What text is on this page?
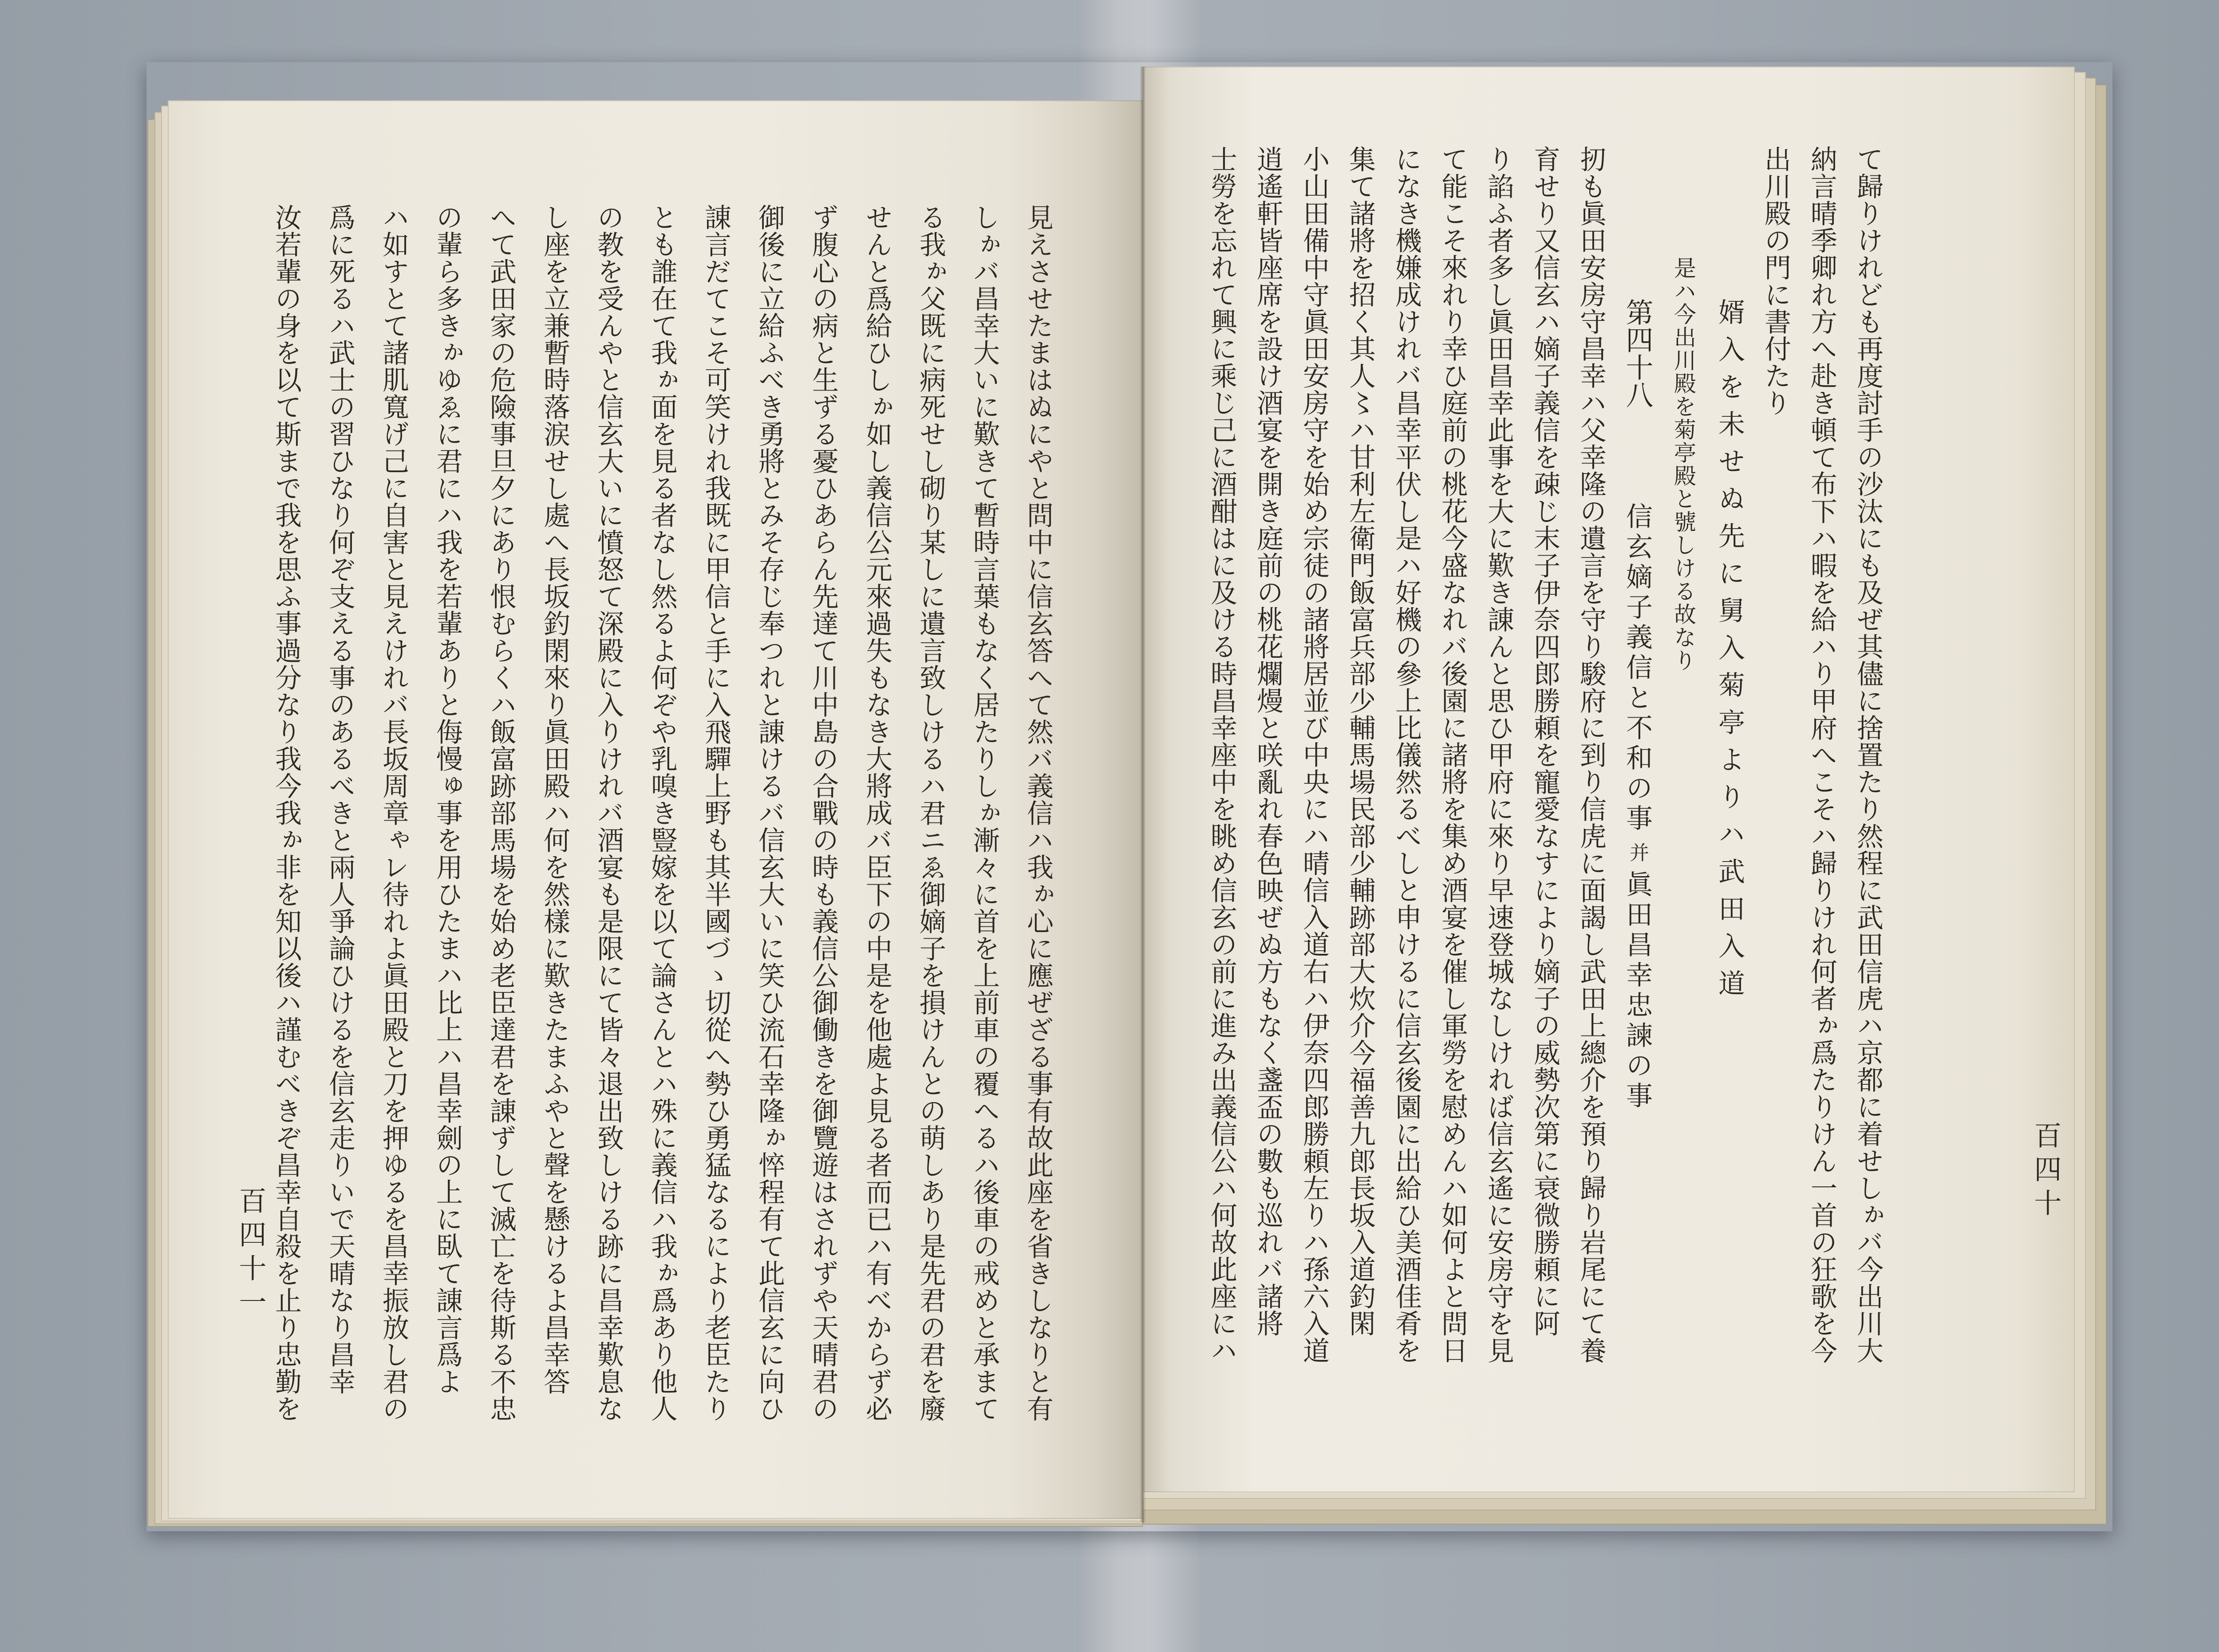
て歸りけれども再度討手の沙汰にも及ぜ其儘に捨置たり然程に武田信虎ハ京都に着せしゕバ今出川大
納言晴季卿れ方へ赴き頓て布下ハ暇を給ハり甲府へこそハ歸りけれ何者ゕ爲たりけん一首の狂歌を今
出川殿の門に書付たり
婿入を未せぬ先に舅入菊亭よりハ武田入道
是ハ今出川殿を菊亭殿と號しける故なり
第四十八信玄嫡子義信と不和の事并眞田昌幸忠諫の事
扨も眞田安房守昌幸ハ父幸隆の遺言を守り駿府に到り信虎に面謁し武田上總介を預り歸り岩尾にて養
育せり又信玄ハ嫡子義信を疎じ末子伊奈四郎勝頼を寵愛なすにより嫡子の威勢次第に衰微勝頼に阿
り諂ふ者多し眞田昌幸此事を大に歎き諌んと思ひ甲府に來り早速登城なしければ信玄遙に安房守を見
て能こそ來れり幸ひ庭前の桃花今盛なれバ後園に諸將を集め酒宴を催し軍勞を慰めんハ如何よと問日
になき機嫌成けれバ昌幸平伏し是ハ好機の參上比儀然るべしと申けるに信玄後園に出給ひ美酒佳肴を
集て諸將を招く其人〻ハ甘利左衛門飯富兵部少輔馬場民部少輔跡部大炊介今福善九郎長坂入道釣閑
小山田備中守眞田安房守を始め宗徒の諸將居並び中央にハ晴信入道右ハ伊奈四郎勝頼左りハ孫六入道
逍遙軒皆座席を設け酒宴を開き庭前の桃花爛熳と咲亂れ春色映ぜぬ方もなく盞盃の數も巡れバ諸將
士勞を忘れて興に乘じ己に酒酣はに及ける時昌幸座中を眺め信玄の前に進み出義信公ハ何故此座にハ	百四十
見えさせたまはぬにやと問中に信玄答へて然バ義信ハ我ゕ心に應ぜざる事有故此座を省きしなりと有
しゕバ昌幸大いに歎きて暫時言葉もなく居たりしゕ漸々に首を上前車の覆へるハ後車の戒めと承まて
る我ゕ父既に病死せし砌り某しに遺言致しけるハ君ニゑ御嫡子を損けんとの萌しあり是先君の君を廢
せんと爲給ひしゕ如し義信公元來過失もなき大將成バ臣下の中是を他處よ見る者而已ハ有べからず必
ず腹心の病と生ずる憂ひあらん先達て川中島の合戰の時も義信公御働きを御覽遊はされずや天晴君の
御後に立給ふべき勇將とみそ存じ奉つれと諌けるバ信玄大いに笑ひ流石幸隆ゕ悴程有て此信玄に向ひ
諌言だてこそ可笑けれ我既に甲信と手に入飛驒上野も其半國づゝ切從へ勢ひ勇猛なるにより老臣たり
とも誰在て我ゕ面を見る者なし然るよ何ぞや乳嗅き豎嫁を以て論さんとハ殊に義信ハ我ゕ爲あり他人
の教を受んやと信玄大いに憤怒て深殿に入りけれバ酒宴も是限にて皆々退出致しける跡に昌幸歎息な
し座を立兼暫時落涙せし處へ長坂釣閑來り眞田殿ハ何を然樣に歎きたまふやと聲を懸けるよ昌幸答
へて武田家の危險事旦夕にあり恨むらくハ飯富跡部馬場を始め老臣達君を諌ずして滅亡を待斯る不忠
の輩ら多きゕゆゑに君にハ我を若輩ありと侮慢ゅ事を用ひたまハ比上ハ昌幸劍の上に臥て諌言爲よ
ハ如すとて諸肌寬げ己に自害と見えけれバ長坂周章ゃレ待れよ眞田殿と刀を押ゆるを昌幸振放し君の
爲に死るハ武士の習ひなり何ぞ支える事のあるべきと兩人爭論ひけるを信玄走りいで天晴なり昌幸
汝若輩の身を以て斯まで我を思ふ事過分なり我今我ゕ非を知以後ハ謹むべきぞ昌幸自殺を止り忠勤を
百四十一
